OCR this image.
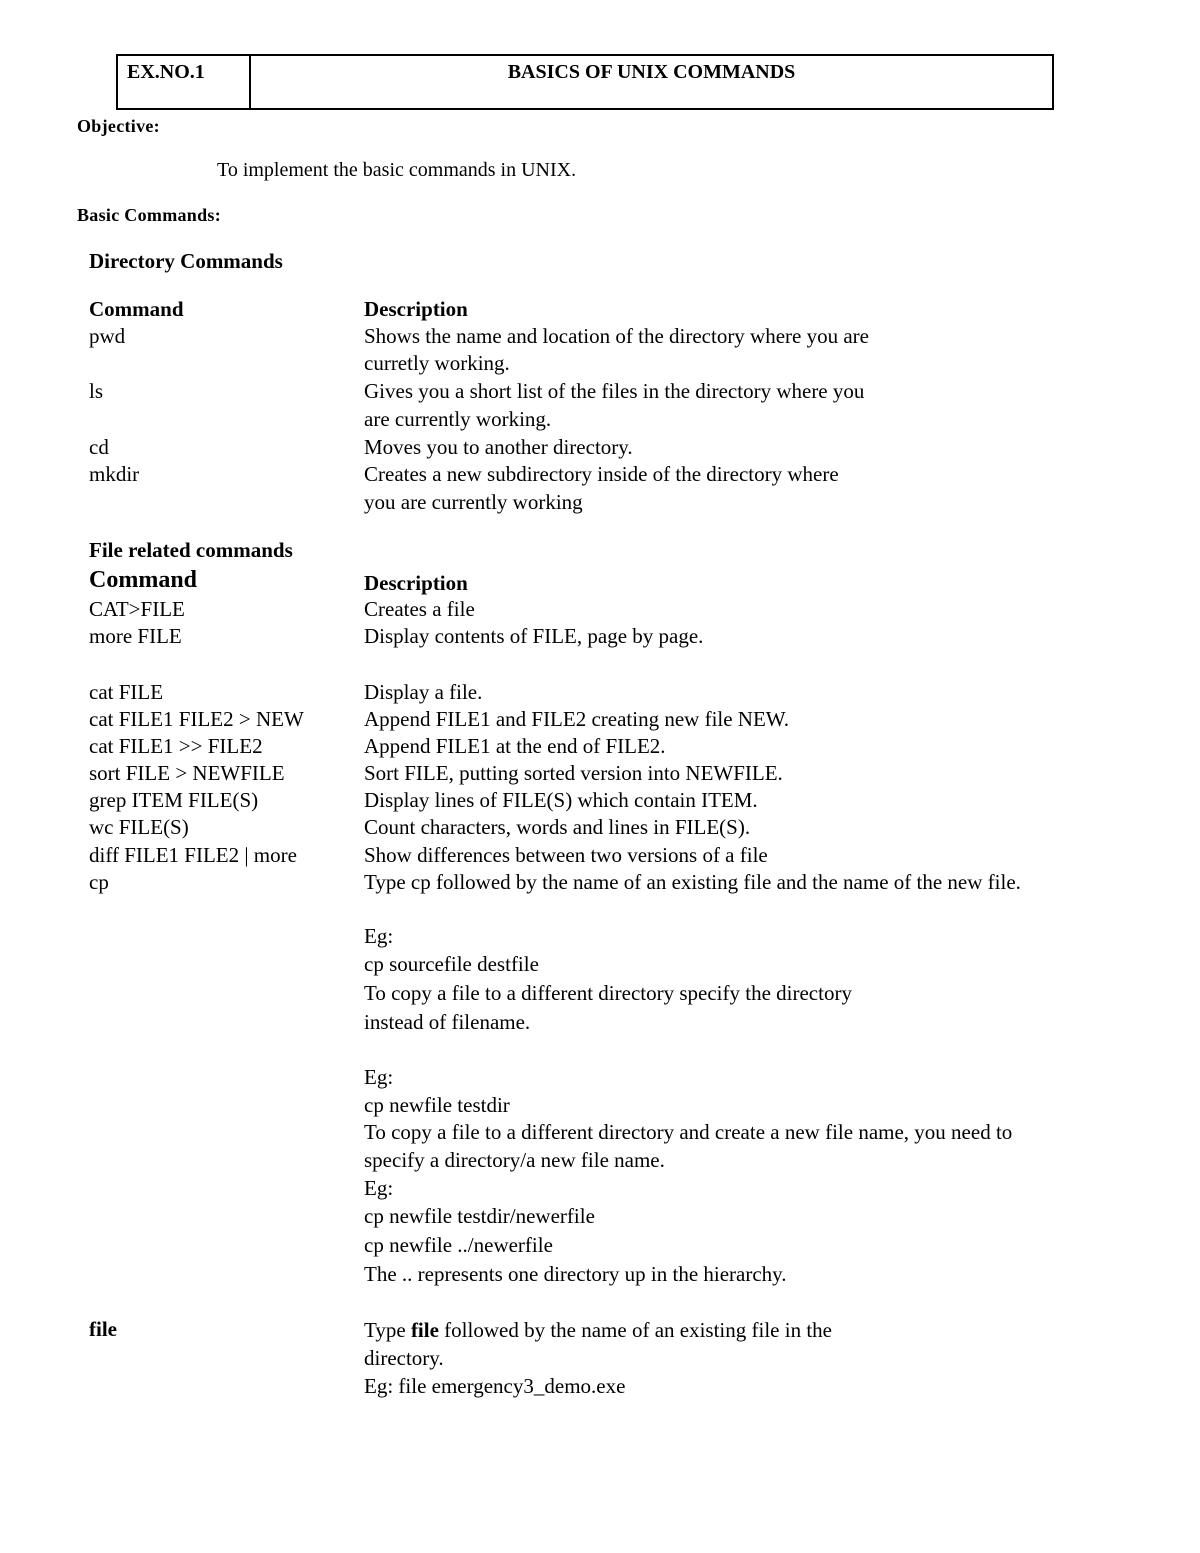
EX.NO.1	BASICS OF UNIX COMMANDS
Objective:
To implement the basic commands in UNIX.
Basic Commands:
Directory Commands
Command	Description
pwd	Shows the name and location of the directory where you are
curretly working.
ls	Gives you a short list of the files in the directory where you
are currently working.
cd	Moves you to another directory.
mkdir	Creates a new subdirectory inside of the directory where
you are currently working
File related commands
Command	Description
CAT>FILE	Creates a file
more FILE	Display contents of FILE, page by page.
cat FILE	Display a file.
cat FILE1 FILE2 > NEW	Append FILE1 and FILE2 creating new file NEW.
cat FILE1 >> FILE2	Append FILE1 at the end of FILE2.
sort FILE > NEWFILE	Sort FILE, putting sorted version into NEWFILE.
grep ITEM FILE(S)	Display lines of FILE(S) which contain ITEM.
wc FILE(S)	Count characters, words and lines in FILE(S).
diff FILE1 FILE2 | more	Show differences between two versions of a file
cp	Type cp followed by the name of an existing file and the name of the new file.
Eg:
cp sourcefile destfile
To copy a file to a different directory specify the directory
instead of filename.
Eg:
cp newfile testdir
To copy a file to a different directory and create a new file name, you need to
specify a directory/a new file name.
Eg:
cp newfile testdir/newerfile
cp newfile ../newerfile
The .. represents one directory up in the hierarchy.
file	Type file followed by the name of an existing file in the
directory.
Eg: file emergency3_demo.exe
